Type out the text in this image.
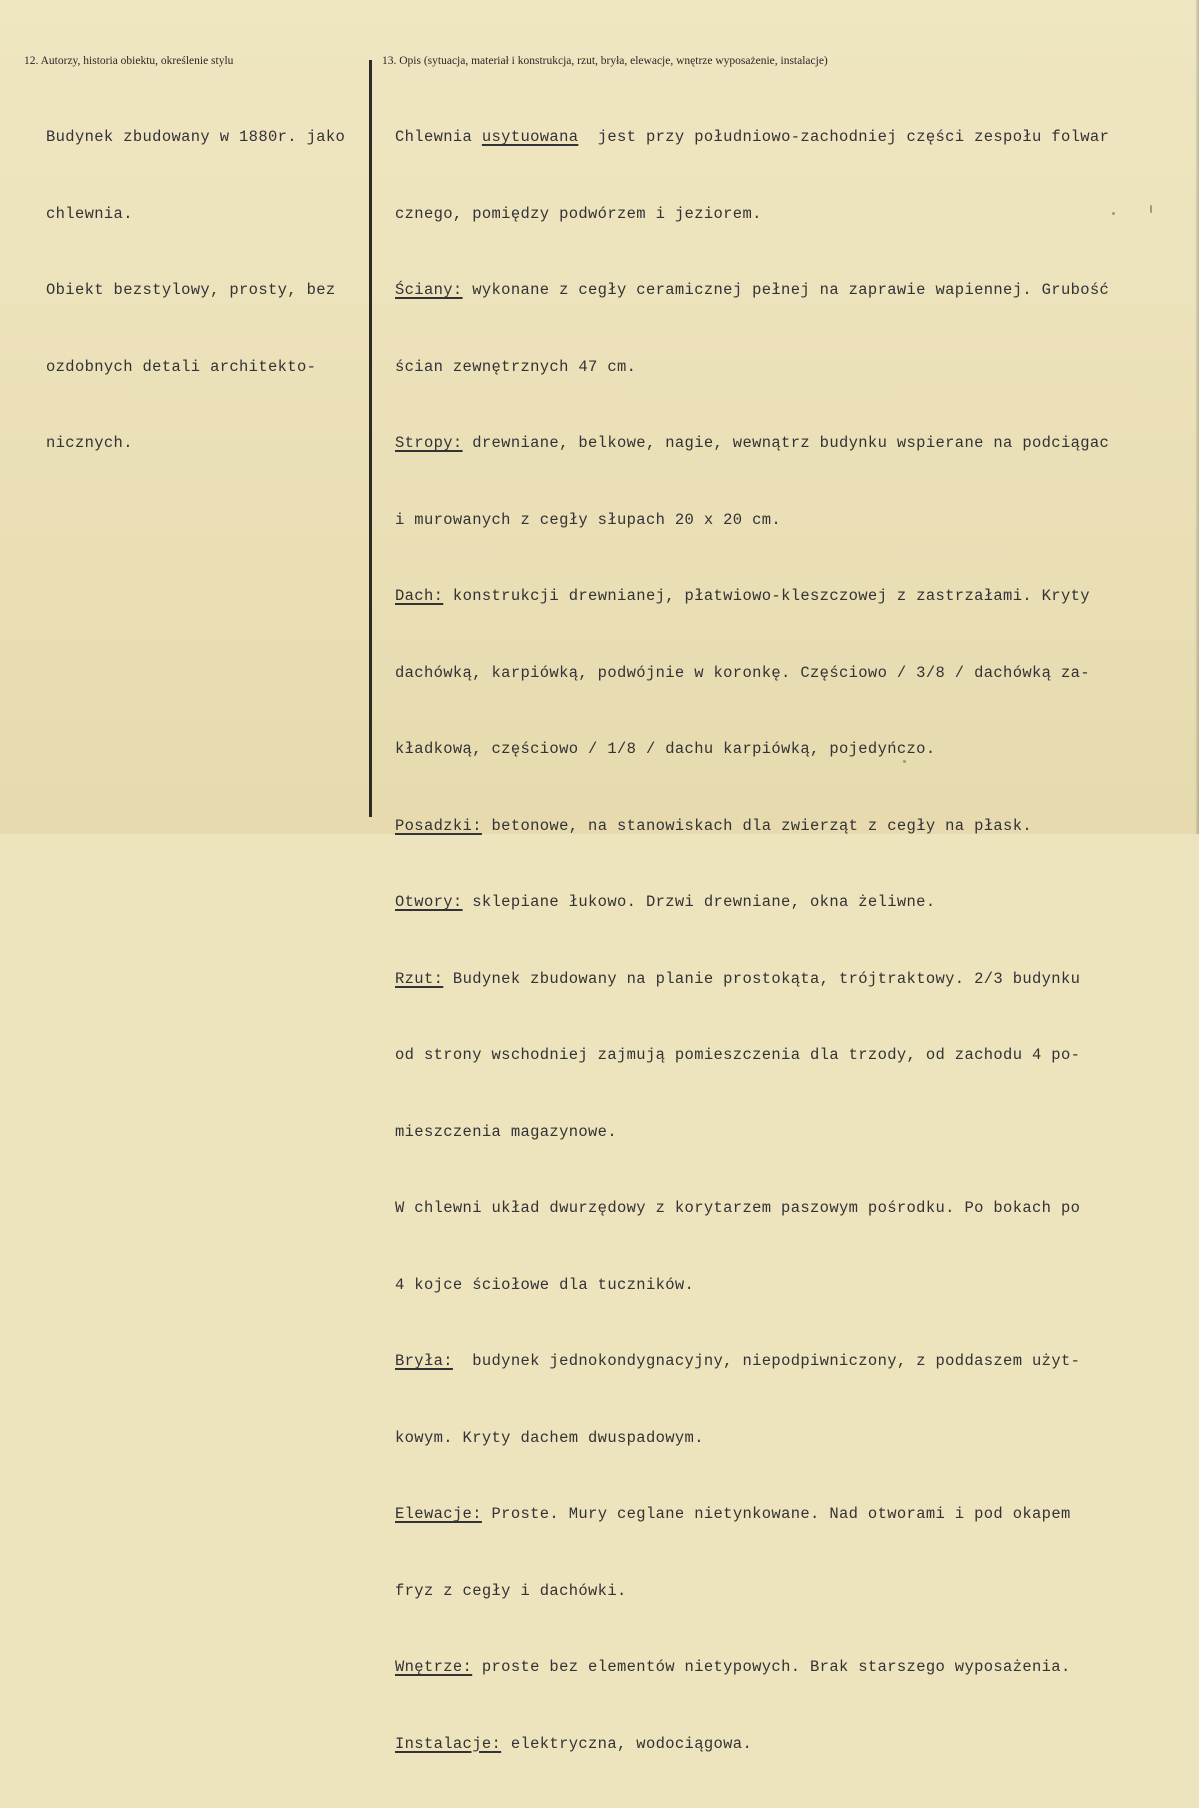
12. Autorzy, historia obiektu, określenie stylu	13. Opis (sytuacja, materiał i konstrukcja, rzut, bryła, elewacje, wnętrze wyposażenie, instalacje)

Budynek zbudowany w 1880r. jako

chlewnia.

Obiekt bezstylowy, prosty, bez

ozdobnych detali architekto-

nicznych.

Chlewnia usytuowana  jest przy południowo-zachodniej części zespołu folwar

cznego, pomiędzy podwórzem i jeziorem.

Ściany: wykonane z cegły ceramicznej pełnej na zaprawie wapiennej. Grubość

ścian zewnętrznych 47 cm.

Stropy: drewniane, belkowe, nagie, wewnątrz budynku wspierane na podciągac

i murowanych z cegły słupach 20 x 20 cm.

Dach: konstrukcji drewnianej, płatwiowo-kleszczowej z zastrzałami. Kryty

dachówką, karpiówką, podwójnie w koronkę. Częściowo / 3/8 / dachówką za-

kładkową, częściowo / 1/8 / dachu karpiówką, pojedyńczo.

Posadzki: betonowe, na stanowiskach dla zwierząt z cegły na płask.

Otwory: sklepiane łukowo. Drzwi drewniane, okna żeliwne.

Rzut: Budynek zbudowany na planie prostokąta, trójtraktowy. 2/3 budynku

od strony wschodniej zajmują pomieszczenia dla trzody, od zachodu 4 po-

mieszczenia magazynowe.

W chlewni układ dwurzędowy z korytarzem paszowym pośrodku. Po bokach po

4 kojce ściołowe dla tuczników.

Bryła:  budynek jednokondygnacyjny, niepodpiwniczony, z poddaszem użyt-

kowym. Kryty dachem dwuspadowym.

Elewacje: Proste. Mury ceglane nietynkowane. Nad otworami i pod okapem

fryz z cegły i dachówki.

Wnętrze: proste bez elementów nietypowych. Brak starszego wyposażenia.

Instalacje: elektryczna, wodociągowa.
